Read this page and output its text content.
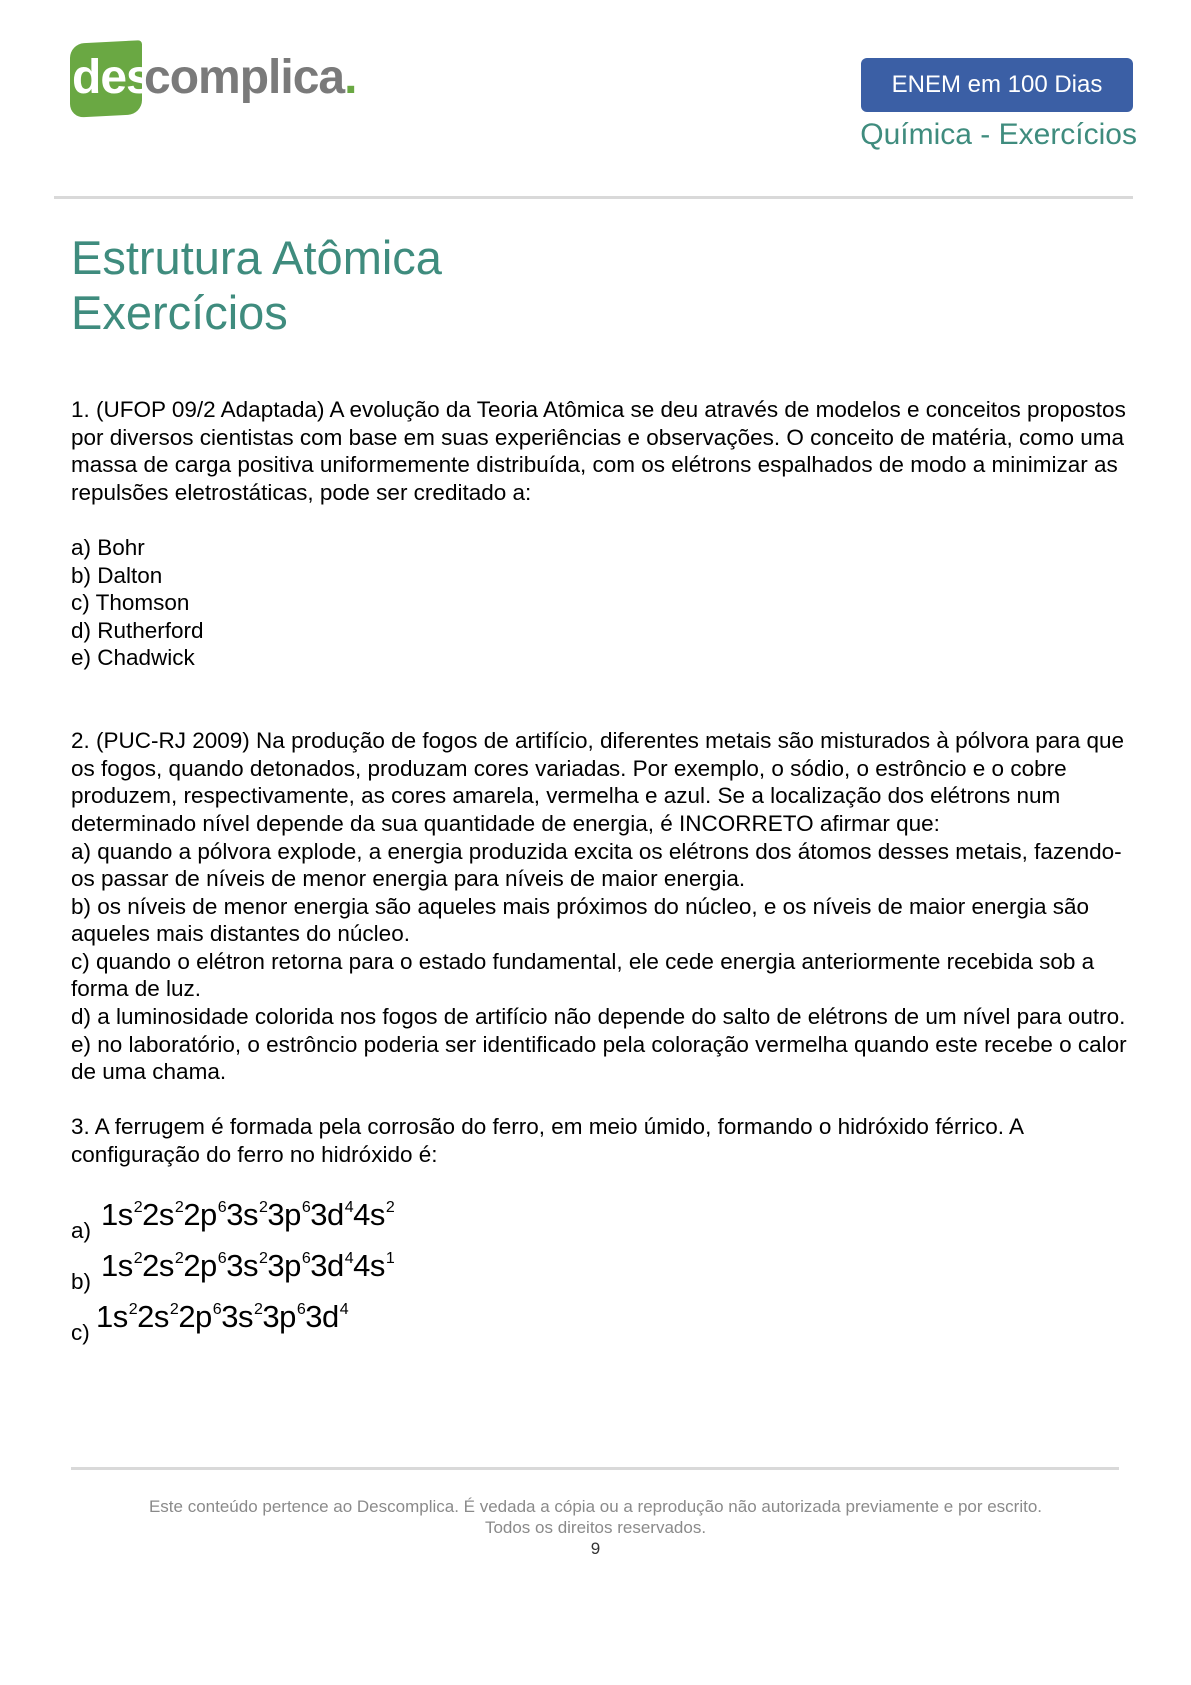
des
complica.	ENEM em 100 Dias
Química - Exercícios
Estrutura Atômica
Exercícios

1. (UFOP 09/2 Adaptada) A evolução da Teoria Atômica se deu através de modelos e conceitos propostos por diversos cientistas com base em suas experiências e observações. O conceito de matéria, como uma massa de carga positiva uniformemente distribuída, com os elétrons espalhados de modo a minimizar as repulsões eletrostáticas, pode ser creditado a:

a) Bohr

b) Dalton

c) Thomson

d) Rutherford

e) Chadwick

2. (PUC-RJ 2009) Na produção de fogos de artifício, diferentes metais são misturados à pólvora para que os fogos, quando detonados, produzam cores variadas. Por exemplo, o sódio, o estrôncio e o cobre produzem, respectivamente, as cores amarela, vermelha e azul. Se a localização dos elétrons num determinado nível depende da sua quantidade de energia, é INCORRETO afirmar que:

a) quando a pólvora explode, a energia produzida excita os elétrons dos átomos desses metais, fazendo-os passar de níveis de menor energia para níveis de maior energia.

b) os níveis de menor energia são aqueles mais próximos do núcleo, e os níveis de maior energia são aqueles mais distantes do núcleo.

c) quando o elétron retorna para o estado fundamental, ele cede energia anteriormente recebida sob a forma de luz.

d) a luminosidade colorida nos fogos de artifício não depende do salto de elétrons de um nível para outro.

e) no laboratório, o estrôncio poderia ser identificado pela coloração vermelha quando este recebe o calor de uma chama.

3. A ferrugem é formada pela corrosão do ferro, em meio úmido, formando o hidróxido férrico. A configuração do ferro no hidróxido é:

a) $1s^22s^22p^63s^23p^63d^44s^2$
b) $1s^22s^22p^63s^23p^63d^44s^1$
c) $1s^22s^22p^63s^23p^63d^4$
Este conteúdo pertence ao Descomplica. É vedada a cópia ou a reprodução não autorizada previamente e por escrito.
Todos os direitos reservados.
9
